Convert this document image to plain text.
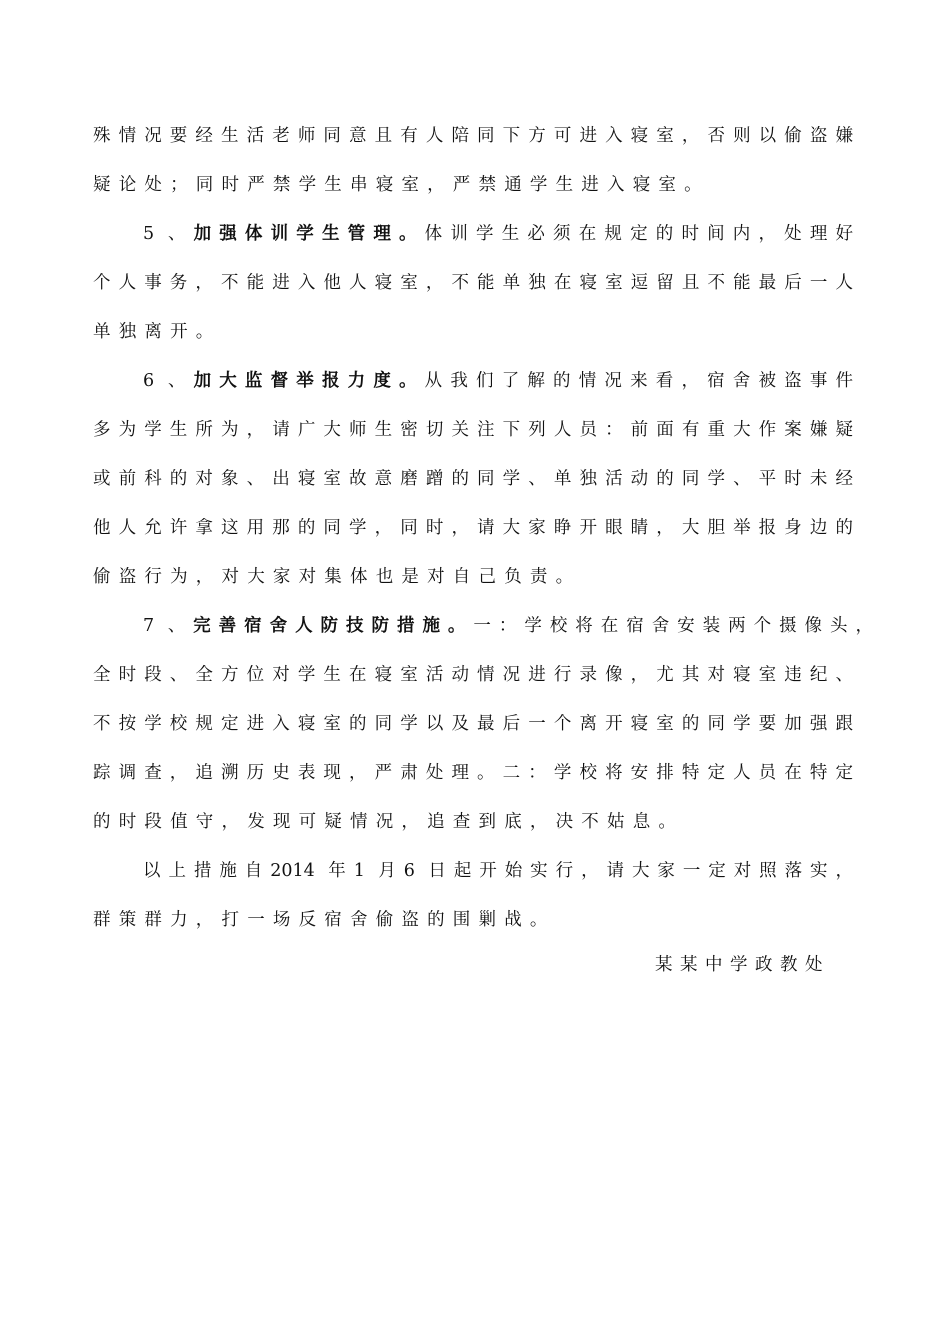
殊情况要经生活老师同意且有人陪同下方可进入寝室，否则以偷盗嫌
疑论处；同时严禁学生串寝室，严禁通学生进入寝室。
5 、加强体训学生管理。体训学生必须在规定的时间内，处理好
个人事务，不能进入他人寝室，不能单独在寝室逗留且不能最后一人
单独离开。
6 、加大监督举报力度。从我们了解的情况来看，宿舍被盗事件
多为学生所为，请广大师生密切关注下列人员：前面有重大作案嫌疑
或前科的对象、出寝室故意磨蹭的同学、单独活动的同学、平时未经
他人允许拿这用那的同学，同时，请大家睁开眼睛，大胆举报身边的
偷盗行为，对大家对集体也是对自己负责。
7 、完善宿舍人防技防措施。一：学校将在宿舍安装两个摄像头，
全时段、全方位对学生在寝室活动情况进行录像，尤其对寝室违纪、
不按学校规定进入寝室的同学以及最后一个离开寝室的同学要加强跟
踪调查，追溯历史表现，严肃处理。二：学校将安排特定人员在特定
的时段值守，发现可疑情况，追查到底，决不姑息。
以上措施自2014 年1 月6 日起开始实行，请大家一定对照落实，
群策群力，打一场反宿舍偷盗的围剿战。
某某中学政教处
